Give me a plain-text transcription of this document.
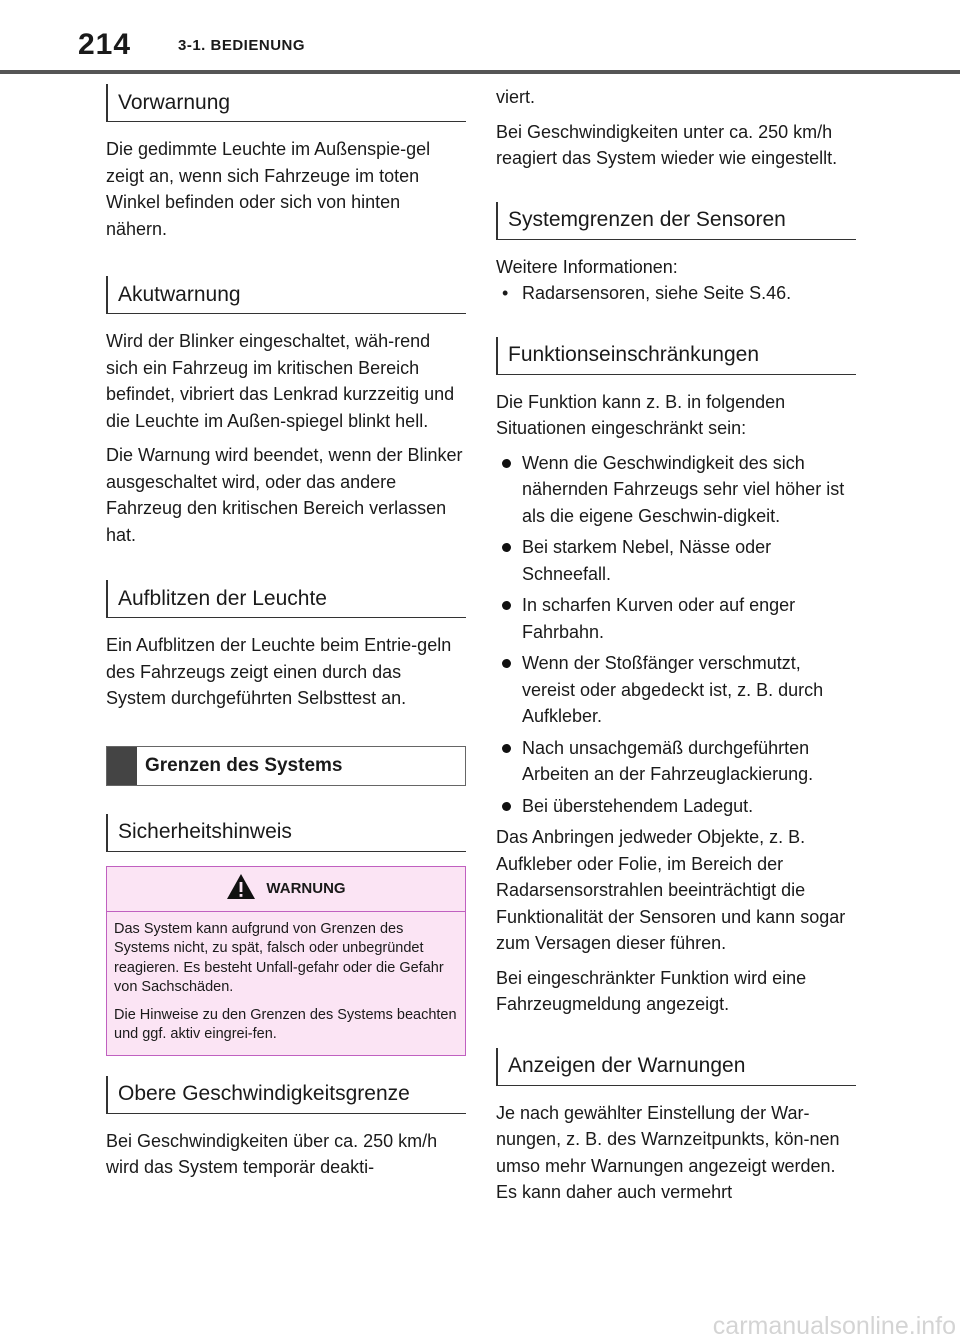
214	3-1. BEDIENUNG
Vorwarnung

Die gedimmte Leuchte im Außenspie-gel zeigt an, wenn sich Fahrzeuge im toten Winkel befinden oder sich von hinten nähern.

Akutwarnung

Wird der Blinker eingeschaltet, wäh-rend sich ein Fahrzeug im kritischen Bereich befindet, vibriert das Lenkrad kurzzeitig und die Leuchte im Außen-spiegel blinkt hell.

Die Warnung wird beendet, wenn der Blinker ausgeschaltet wird, oder das andere Fahrzeug den kritischen Bereich verlassen hat.

Aufblitzen der Leuchte

Ein Aufblitzen der Leuchte beim Entrie-geln des Fahrzeugs zeigt einen durch das System durchgeführten Selbsttest an.

Grenzen des Systems
Sicherheitshinweis
WARNUNG

Das System kann aufgrund von Grenzen des Systems nicht, zu spät, falsch oder unbegründet reagieren. Es besteht Unfall-gefahr oder die Gefahr von Sachschäden.

Die Hinweise zu den Grenzen des Systems beachten und ggf. aktiv eingrei-fen.

Obere Geschwindigkeitsgrenze

Bei Geschwindigkeiten über ca. 250 km/h wird das System temporär deakti-

viert.

Bei Geschwindigkeiten unter ca. 250 km/h reagiert das System wieder wie eingestellt.

Systemgrenzen der Sensoren

Weitere Informationen:

• Radarsensoren, siehe Seite S.46.
Funktionseinschränkungen

Die Funktion kann z. B. in folgenden Situationen eingeschränkt sein:

Wenn die Geschwindigkeit des sich nähernden Fahrzeugs sehr viel höher ist als die eigene Geschwin-digkeit.
Bei starkem Nebel, Nässe oder Schneefall.
In scharfen Kurven oder auf enger Fahrbahn.
Wenn der Stoßfänger verschmutzt, vereist oder abgedeckt ist, z. B. durch Aufkleber.
Nach unsachgemäß durchgeführten Arbeiten an der Fahrzeuglackierung.
Bei überstehendem Ladegut.

Das Anbringen jedweder Objekte, z. B. Aufkleber oder Folie, im Bereich der Radarsensorstrahlen beeinträchtigt die Funktionalität der Sensoren und kann sogar zum Versagen dieser führen.

Bei eingeschränkter Funktion wird eine Fahrzeugmeldung angezeigt.

Anzeigen der Warnungen

Je nach gewählter Einstellung der War-nungen, z. B. des Warnzeitpunkts, kön-nen umso mehr Warnungen angezeigt werden. Es kann daher auch vermehrt

carmanualsonline.info
